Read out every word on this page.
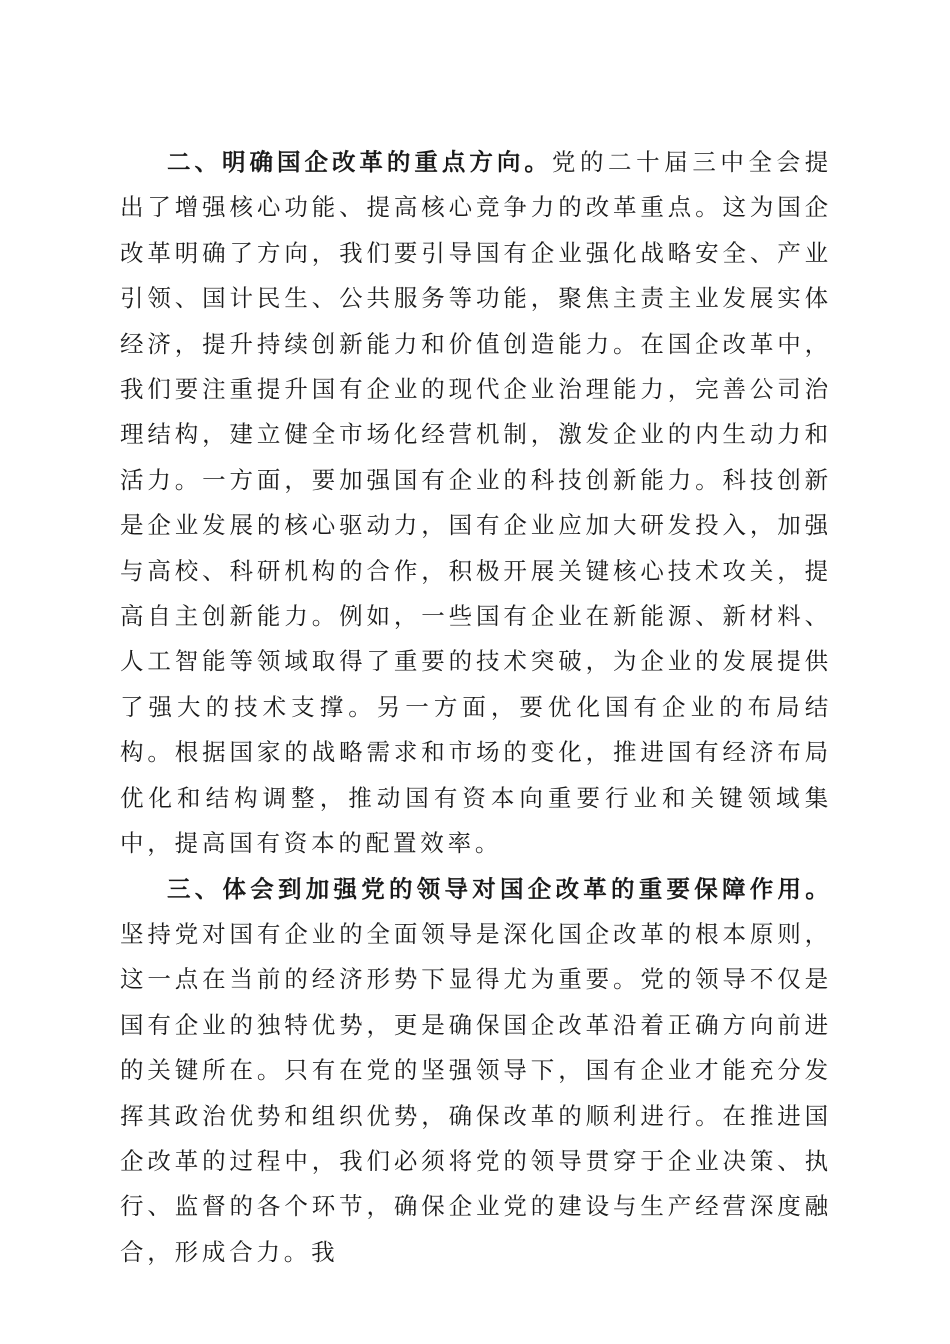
二、明确国企改革的重点方向。党的二十届三中全会提出了增强核心功能、提高核心竞争力的改革重点。这为国企改革明确了方向，我们要引导国有企业强化战略安全、产业引领、国计民生、公共服务等功能，聚焦主责主业发展实体经济，提升持续创新能力和价值创造能力。在国企改革中，我们要注重提升国有企业的现代企业治理能力，完善公司治理结构，建立健全市场化经营机制，激发企业的内生动力和活力。一方面，要加强国有企业的科技创新能力。科技创新是企业发展的核心驱动力，国有企业应加大研发投入，加强与高校、科研机构的合作，积极开展关键核心技术攻关，提高自主创新能力。例如，一些国有企业在新能源、新材料、人工智能等领域取得了重要的技术突破，为企业的发展提供了强大的技术支撑。另一方面，要优化国有企业的布局结构。根据国家的战略需求和市场的变化，推进国有经济布局优化和结构调整，推动国有资本向重要行业和关键领域集中，提高国有资本的配置效率。

三、体会到加强党的领导对国企改革的重要保障作用。坚持党对国有企业的全面领导是深化国企改革的根本原则，这一点在当前的经济形势下显得尤为重要。党的领导不仅是国有企业的独特优势，更是确保国企改革沿着正确方向前进的关键所在。只有在党的坚强领导下，国有企业才能充分发挥其政治优势和组织优势，确保改革的顺利进行。在推进国企改革的过程中，我们必须将党的领导贯穿于企业决策、执行、监督的各个环节，确保企业党的建设与生产经营深度融合，形成合力。我
